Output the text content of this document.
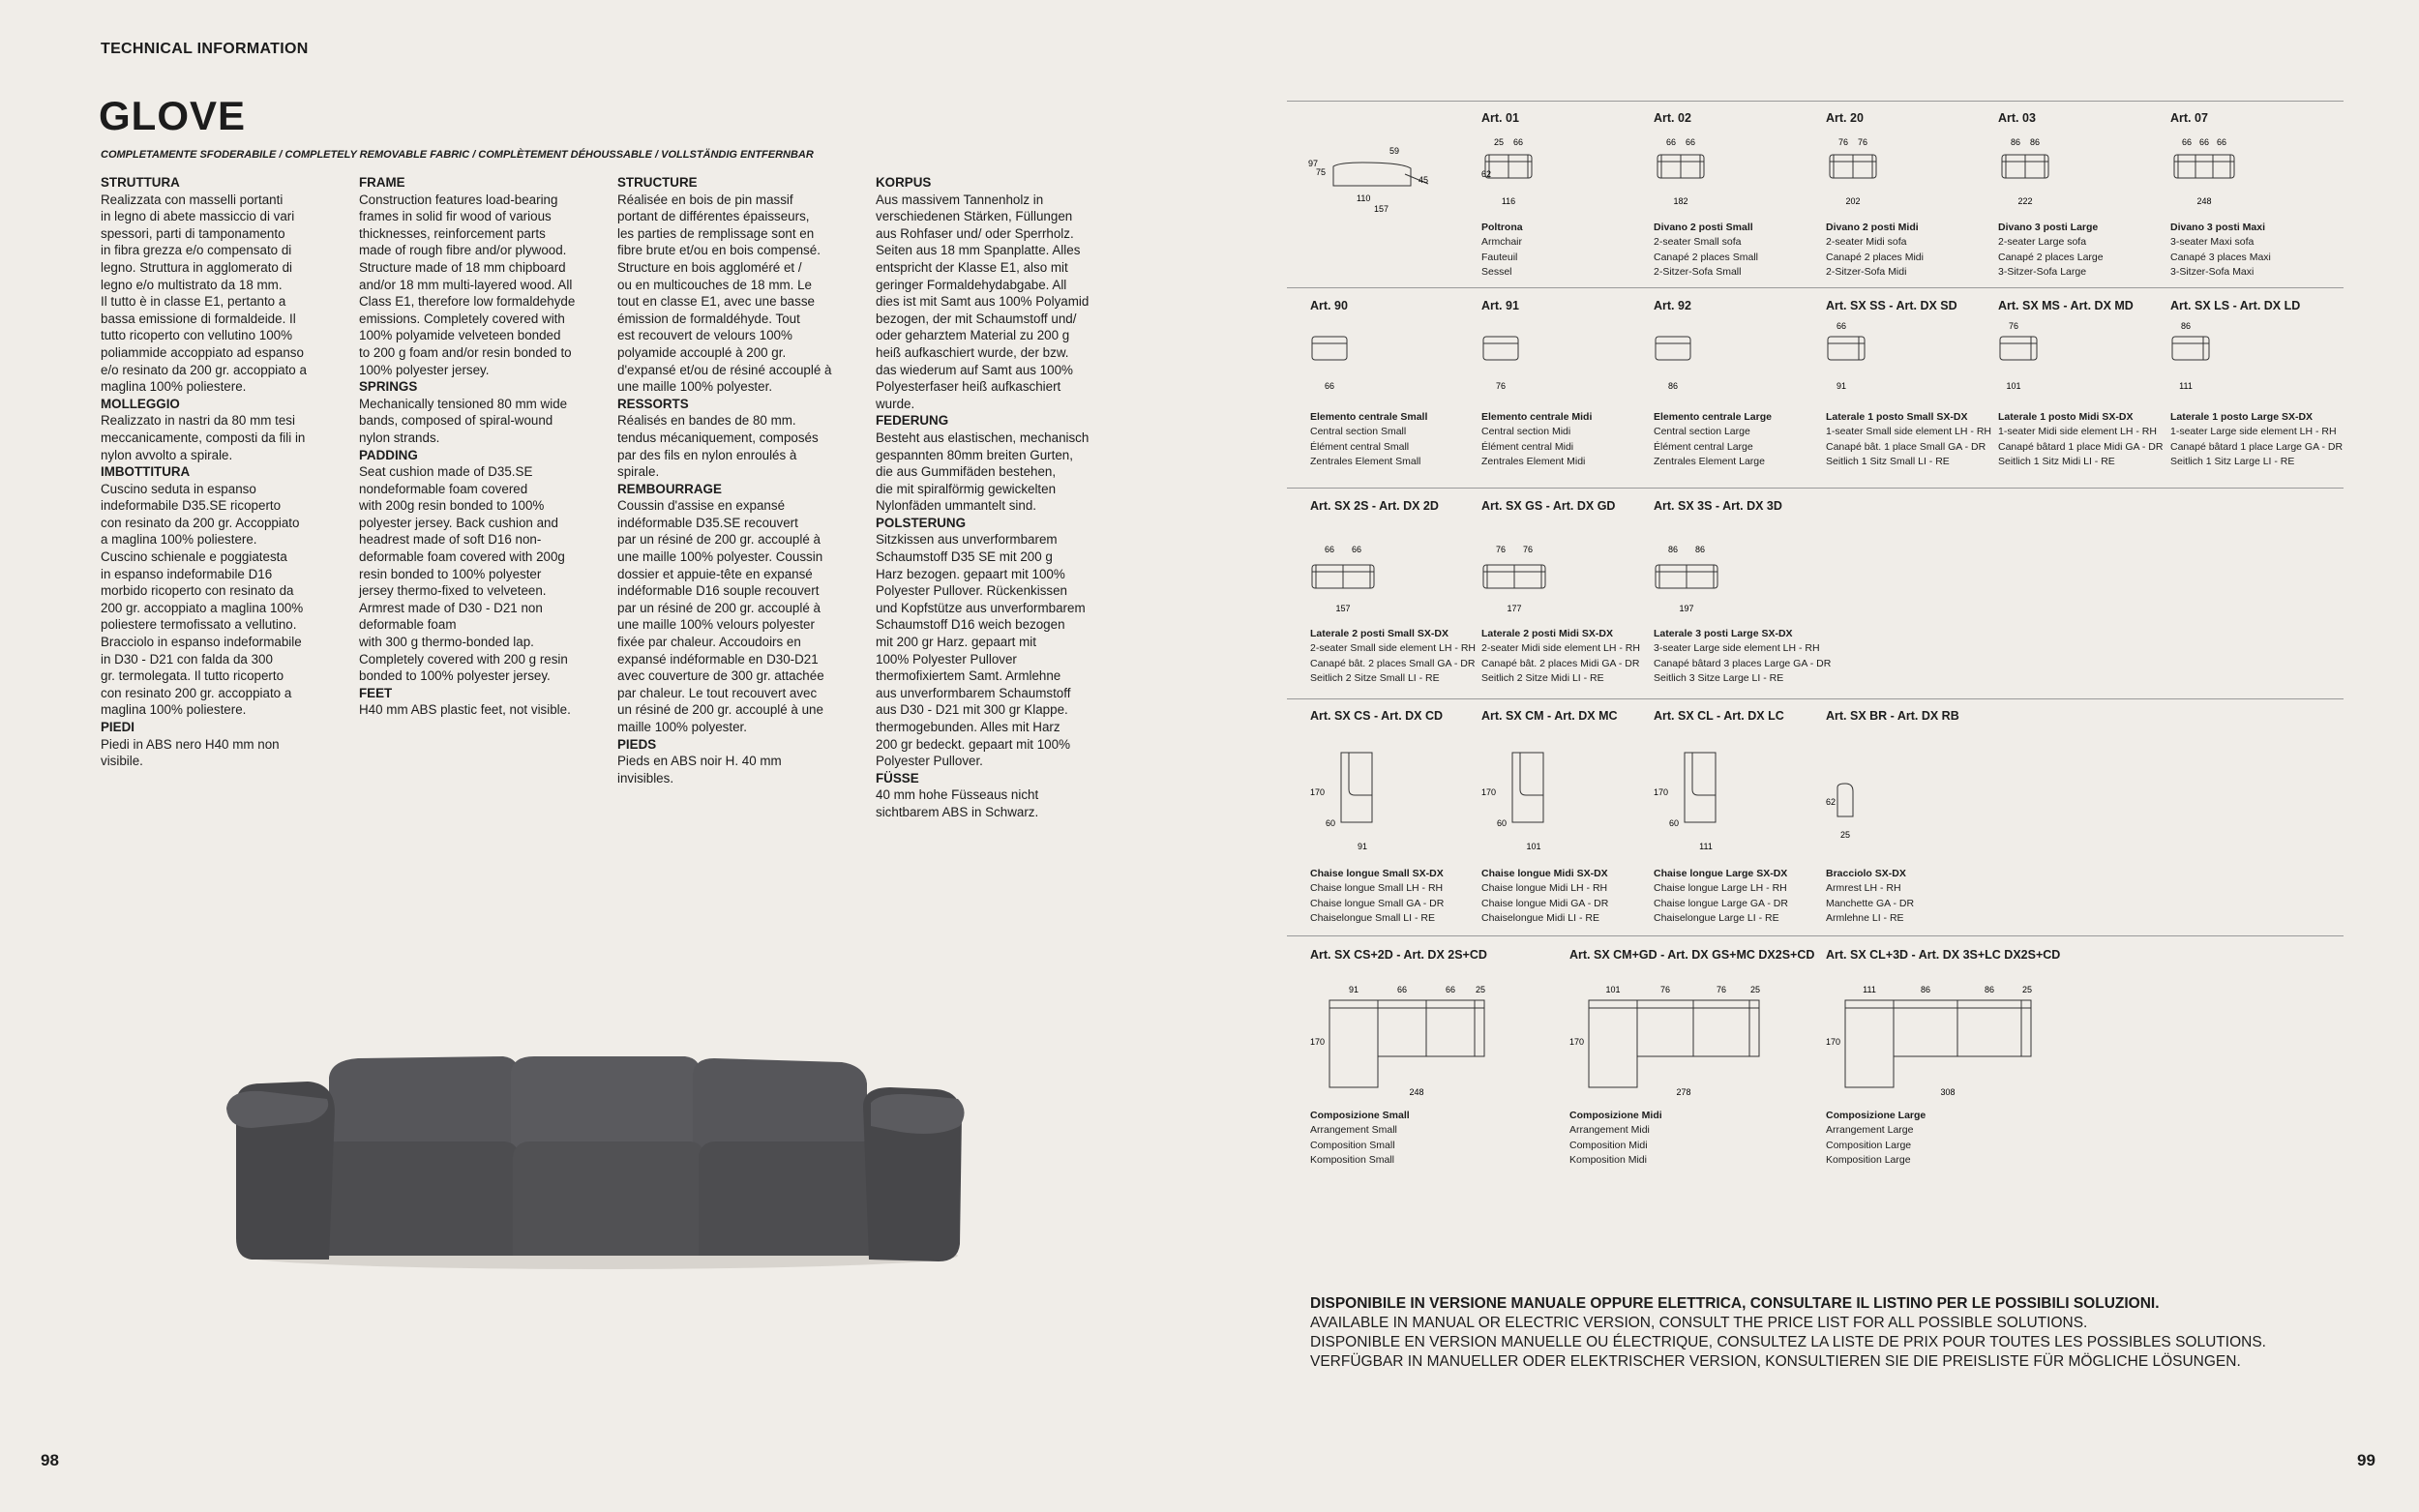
TECHNICAL INFORMATION
GLOVE
COMPLETAMENTE SFODERABILE / COMPLETELY REMOVABLE FABRIC / COMPLÈTEMENT DÉHOUSSABLE / VOLLSTÄNDIG ENTFERNBAR
STRUTTURA
Realizzata con masselli portanti
in legno di abete massiccio di vari
spessori, parti di tamponamento
in fibra grezza e/o compensato di
legno. Struttura in agglomerato di
legno e/o multistrato da 18 mm.
Il tutto è in classe E1, pertanto a
bassa emissione di formaldeide. Il
tutto ricoperto con vellutino 100%
poliammide accoppiato ad espanso
e/o resinato da 200 gr. accoppiato a
maglina 100% poliestere.
MOLLEGGIO
Realizzato in nastri da 80 mm tesi
meccanicamente, composti da fili in
nylon avvolto a spirale.
IMBOTTITURA
Cuscino seduta in espanso
indeformabile D35.SE ricoperto
con resinato da 200 gr. Accoppiato
a maglina 100% poliestere.
Cuscino schienale e poggiatesta
in espanso indeformabile D16
morbido ricoperto con resinato da
200 gr. accoppiato a maglina 100%
poliestere termofissato a vellutino.
Bracciolo in espanso indeformabile
in D30 - D21 con falda da 300
gr. termolegata. Il tutto ricoperto
con resinato 200 gr. accoppiato a
maglina 100% poliestere.
PIEDI
Piedi in ABS nero H40 mm non
visibile.
FRAME
Construction features load-bearing
frames in solid fir wood of various
thicknesses, reinforcement parts
made of rough fibre and/or plywood.
Structure made of 18 mm chipboard
and/or 18 mm multi-layered wood. All
Class E1, therefore low formaldehyde
emissions. Completely covered with
100% polyamide velveteen bonded
to 200 g foam and/or resin bonded to
100% polyester jersey.
SPRINGS
Mechanically tensioned 80 mm wide
bands, composed of spiral-wound
nylon strands.
PADDING
Seat cushion made of D35.SE
nondeformable foam covered
with 200g resin bonded to 100%
polyester jersey. Back cushion and
headrest made of soft D16 non-
deformable foam covered with 200g
resin bonded to 100% polyester
jersey thermo-fixed to velveteen.
Armrest made of D30 - D21 non
deformable foam
with 300 g thermo-bonded lap.
Completely covered with 200 g resin
bonded to 100% polyester jersey.
FEET
H40 mm ABS plastic feet, not visible.
STRUCTURE
Réalisée en bois de pin massif
portant de différentes épaisseurs,
les parties de remplissage sont en
fibre brute et/ou en bois compensé.
Structure en bois aggloméré et /
ou en multicouches de 18 mm. Le
tout en classe E1, avec une basse
émission de formaldéhyde. Tout
est recouvert de velours 100%
polyamide accouplé à 200 gr.
d'expansé et/ou de résiné accouplé à
une maille 100% polyester.
RESSORTS
Réalisés en bandes de 80 mm.
tendus mécaniquement, composés
par des fils en nylon enroulés à
spirale.
REMBOURRAGE
Coussin d'assise en expansé
indéformable D35.SE recouvert
par un résiné de 200 gr. accouplé à
une maille 100% polyester. Coussin
dossier et appuie-tête en expansé
indéformable D16 souple recouvert
par un résiné de 200 gr. accouplé à
une maille 100% velours polyester
fixée par chaleur. Accoudoirs en
expansé indéformable en D30-D21
avec couverture de 300 gr. attachée
par chaleur. Le tout recouvert avec
un résiné de 200 gr. accouplé à une
maille 100% polyester.
PIEDS
Pieds en ABS noir H. 40 mm
invisibles.
KORPUS
Aus massivem Tannenholz in
verschiedenen Stärken, Füllungen
aus Rohfaser und/ oder Sperrholz.
Seiten aus 18 mm Spanplatte. Alles
entspricht der Klasse E1, also mit
geringer Formaldehydabgabe. All
dies ist mit Samt aus 100% Polyamid
bezogen, der mit Schaumstoff und/
oder geharztem Material zu 200 g
heiß aufkaschiert wurde, der bzw.
das wiederum auf Samt aus 100%
Polyesterfaser heiß aufkaschiert
wurde.
FEDERUNG
Besteht aus elastischen, mechanisch
gespannten 80mm breiten Gurten,
die aus Gummifäden bestehen,
die mit spiralförmig gewickelten
Nylonfäden ummantelt sind.
POLSTERUNG
Sitzkissen aus unverformbarem
Schaumstoff D35 SE mit 200 g
Harz bezogen. gepaart mit 100%
Polyester Pullover. Rückenkissen
und Kopfstütze aus unverformbarem
Schaumstoff D16 weich bezogen
mit 200 gr Harz. gepaart mit
100% Polyester Pullover
thermofixiertem Samt. Armlehne
aus unverformbarem Schaumstoff
aus D30 - D21 mit 300 gr Klappe.
thermogebunden. Alles mit Harz
200 gr bedeckt. gepaart mit 100%
Polyester Pullover.
FÜSSE
40 mm hohe Füsseaus nicht
sichtbarem ABS in Schwarz.
97
75
59
45
110
157
Art. 01
25 66
116
62
Poltrona
Armchair
Fauteuil
Sessel
Art. 02
66 66
182
Divano 2 posti Small
2-seater Small sofa
Canapé 2 places Small
2-Sitzer-Sofa Small
Art. 20
76 76
202
Divano 2 posti Midi
2-seater Midi sofa
Canapé 2 places Midi
2-Sitzer-Sofa Midi
Art. 03
86 86
222
Divano 3 posti Large
2-seater Large sofa
Canapé 2 places Large
3-Sitzer-Sofa Large
Art. 07
66 66 66
248
Divano 3 posti Maxi
3-seater Maxi sofa
Canapé 3 places Maxi
3-Sitzer-Sofa Maxi
Art. 90
66
Elemento centrale Small
Central section Small
Élément central Small
Zentrales Element Small
Art. 91
76
Elemento centrale Midi
Central section Midi
Élément central Midi
Zentrales Element Midi
Art. 92
86
Elemento centrale Large
Central section Large
Élément central Large
Zentrales Element Large
Art. SX SS - Art. DX SD
66
91
Laterale 1 posto Small SX-DX
1-seater Small side element LH - RH
Canapé bât. 1 place Small GA - DR
Seitlich 1 Sitz Small LI - RE
Art. SX MS - Art. DX MD
76
101
Laterale 1 posto Midi SX-DX
1-seater Midi side element LH - RH
Canapé bâtard 1 place Midi GA - DR
Seitlich 1 Sitz Midi LI - RE
Art. SX LS - Art. DX LD
86
111
Laterale 1 posto Large SX-DX
1-seater Large side element LH - RH
Canapé bâtard 1 place Large GA - DR
Seitlich 1 Sitz Large LI - RE
Art. SX 2S - Art. DX 2D
66 66
157
Laterale 2 posti Small SX-DX
2-seater Small side element LH - RH
Canapé bât. 2 places Small GA - DR
Seitlich 2 Sitze Small LI - RE
Art. SX GS - Art. DX GD
76 76
177
Laterale 2 posti Midi SX-DX
2-seater Midi side element LH - RH
Canapé bât. 2 places Midi GA - DR
Seitlich 2 Sitze Midi LI - RE
Art. SX 3S - Art. DX 3D
86 86
197
Laterale 3 posti Large SX-DX
3-seater Large side element LH - RH
Canapé bâtard 3 places Large GA - DR
Seitlich 3 Sitze Large LI - RE
Art. SX CS - Art. DX CD
170
60
91
Chaise longue Small SX-DX
Chaise longue Small LH - RH
Chaise longue Small GA - DR
Chaiselongue Small LI - RE
Art. SX CM - Art. DX MC
170
60
101
Chaise longue Midi SX-DX
Chaise longue Midi LH - RH
Chaise longue Midi GA - DR
Chaiselongue Midi LI - RE
Art. SX CL - Art. DX LC
170
60
111
Chaise longue Large SX-DX
Chaise longue Large LH - RH
Chaise longue Large GA - DR
Chaiselongue Large LI - RE
Art. SX BR - Art. DX RB
62
25
Bracciolo SX-DX
Armrest LH - RH
Manchette GA - DR
Armlehne LI - RE
Art. SX CS+2D - Art. DX 2S+CD
91	66	66 25
170
248
Composizione Small
Arrangement Small
Composition Small
Komposition Small
Art. SX CM+GD - Art. DX GS+MC DX2S+CD
101	76	76	25
170
278
Composizione Midi
Arrangement Midi
Composition Midi
Komposition Midi
Art. SX CL+3D - Art. DX 3S+LC DX2S+CD
111	86	86	25
170
308
Composizione Large
Arrangement Large
Composition Large
Komposition Large
DISPONIBILE IN VERSIONE MANUALE OPPURE ELETTRICA, CONSULTARE IL LISTINO PER LE POSSIBILI SOLUZIONI.
AVAILABLE IN MANUAL OR ELECTRIC VERSION, CONSULT THE PRICE LIST FOR ALL POSSIBLE SOLUTIONS.
DISPONIBLE EN VERSION MANUELLE OU ÉLECTRIQUE, CONSULTEZ LA LISTE DE PRIX POUR TOUTES LES POSSIBLES SOLUTIONS.
VERFÜGBAR IN MANUELLER ODER ELEKTRISCHER VERSION, KONSULTIEREN SIE DIE PREISLISTE FÜR MÖGLICHE LÖSUNGEN.
98	99
